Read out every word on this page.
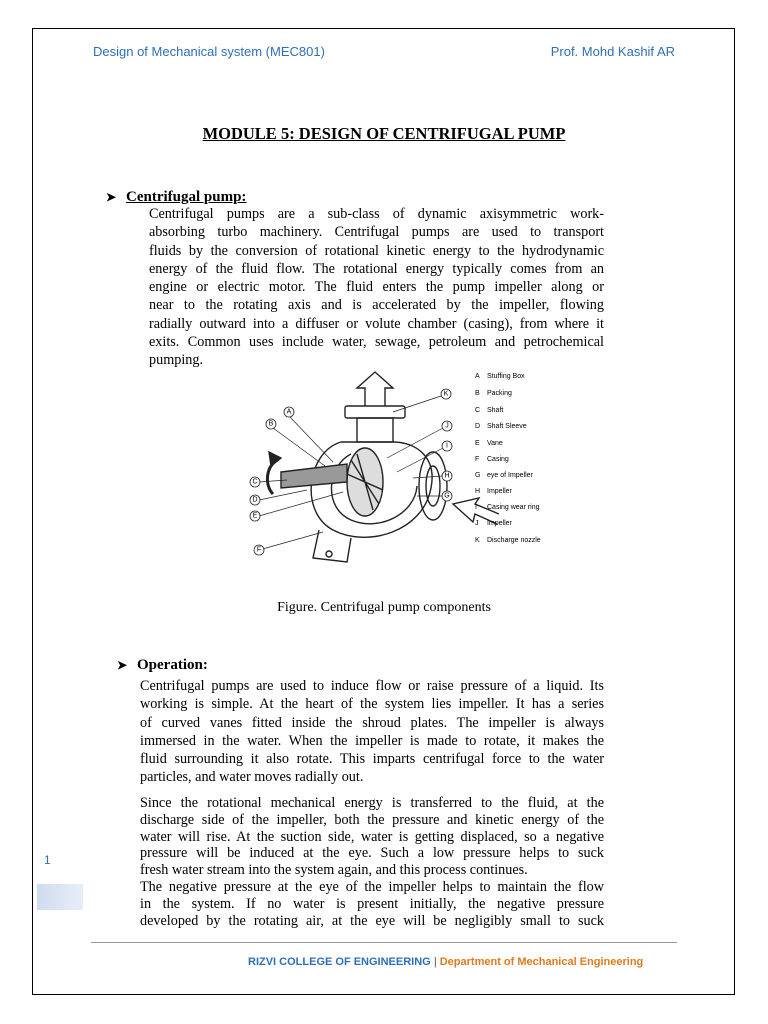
Design of Mechanical system (MEC801)	Prof. Mohd Kashif AR
MODULE 5: DESIGN OF CENTRIFUGAL PUMP
➤ Centrifugal pump:
Centrifugal pumps are a sub-class of dynamic axisymmetric work-
absorbing turbo machinery. Centrifugal pumps are used to transport
fluids by the conversion of rotational kinetic energy to the hydrodynamic
energy of the fluid flow. The rotational energy typically comes from an
engine or electric motor. The fluid enters the pump impeller along or
near to the rotating axis and is accelerated by the impeller, flowing
radially outward into a diffuser or volute chamber (casing), from where it
exits. Common uses include water, sewage, petroleum and petrochemical
pumping.
A
B
C
D
E
F
G
H
I
J
K
A Stuffing Box
B Packing
C Shaft
D Shaft Sleeve
E Vane
F Casing
G eye of Impeller
H Impeller
I Casing wear ring
J Impeller
K Discharge nozzle
Figure. Centrifugal pump components
➤ Operation:
Centrifugal pumps are used to induce flow or raise pressure of a liquid. Its
working is simple. At the heart of the system lies impeller. It has a series
of curved vanes fitted inside the shroud plates. The impeller is always
immersed in the water. When the impeller is made to rotate, it makes the
fluid surrounding it also rotate. This imparts centrifugal force to the water
particles, and water moves radially out.
Since the rotational mechanical energy is transferred to the fluid, at the
discharge side of the impeller, both the pressure and kinetic energy of the
water will rise. At the suction side, water is getting displaced, so a negative
pressure will be induced at the eye. Such a low pressure helps to suck
fresh water stream into the system again, and this process continues.
The negative pressure at the eye of the impeller helps to maintain the flow
in the system. If no water is present initially, the negative pressure
developed by the rotating air, at the eye will be negligibly small to suck
1
RIZVI COLLEGE OF ENGINEERING | Department of Mechanical Engineering
